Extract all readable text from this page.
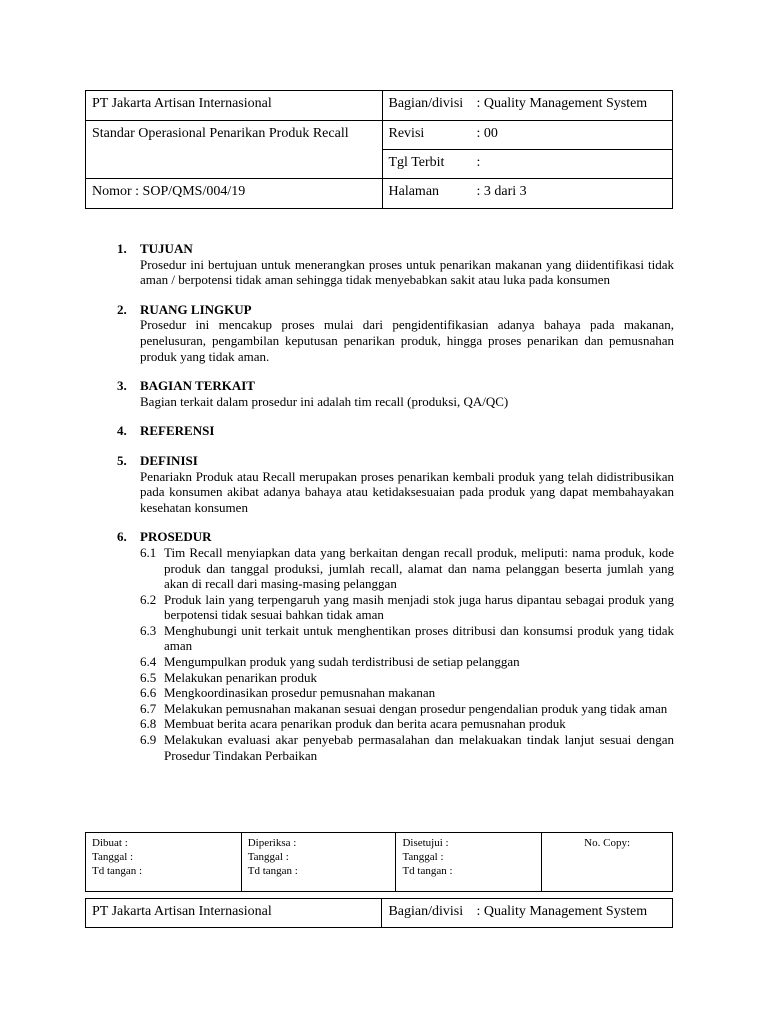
PT Jakarta Artisan Internasional	Bagian/divisi : Quality Management System
Standar Operasional Penarikan Produk Recall	Revisi : 00
	Tgl Terbit :
Nomor : SOP/QMS/004/19	Halaman : 3 dari 3
1. TUJUAN
Prosedur ini bertujuan untuk menerangkan proses untuk penarikan makanan yang diidentifikasi tidak aman / berpotensi tidak aman sehingga tidak menyebabkan sakit atau luka pada konsumen
2. RUANG LINGKUP
Prosedur ini mencakup proses mulai dari pengidentifikasian adanya bahaya pada makanan, penelusuran, pengambilan keputusan penarikan produk, hingga proses penarikan dan pemusnahan produk yang tidak aman.
3. BAGIAN TERKAIT
Bagian terkait dalam prosedur ini adalah tim recall (produksi, QA/QC)
4. REFERENSI
5. DEFINISI
Penariakn Produk atau Recall merupakan proses penarikan kembali produk yang telah didistribusikan pada konsumen akibat adanya bahaya atau ketidaksesuaian pada produk yang dapat membahayakan kesehatan konsumen
6. PROSEDUR
6.1 Tim Recall menyiapkan data yang berkaitan dengan recall produk, meliputi: nama produk, kode produk dan tanggal produksi, jumlah recall, alamat dan nama pelanggan beserta jumlah yang akan di recall dari masing-masing pelanggan
6.2 Produk lain yang terpengaruh yang masih menjadi stok juga harus dipantau sebagai produk yang berpotensi tidak sesuai bahkan tidak aman
6.3 Menghubungi unit terkait untuk menghentikan proses ditribusi dan konsumsi produk yang tidak aman
6.4 Mengumpulkan produk yang sudah terdistribusi de setiap pelanggan
6.5 Melakukan penarikan produk
6.6 Mengkoordinasikan prosedur pemusnahan makanan
6.7 Melakukan pemusnahan makanan sesuai dengan prosedur pengendalian produk yang tidak aman
6.8 Membuat berita acara penarikan produk dan berita acara pemusnahan produk
6.9 Melakukan evaluasi akar penyebab permasalahan dan melakuakan tindak lanjut sesuai dengan Prosedur Tindakan Perbaikan
Dibuat :
Tanggal :
Td tangan :

Diperiksa :
Tanggal :
Td tangan :

Disetujui :
Tanggal :
Td tangan :

No. Copy:
PT Jakarta Artisan Internasional	Bagian/divisi : Quality Management System
